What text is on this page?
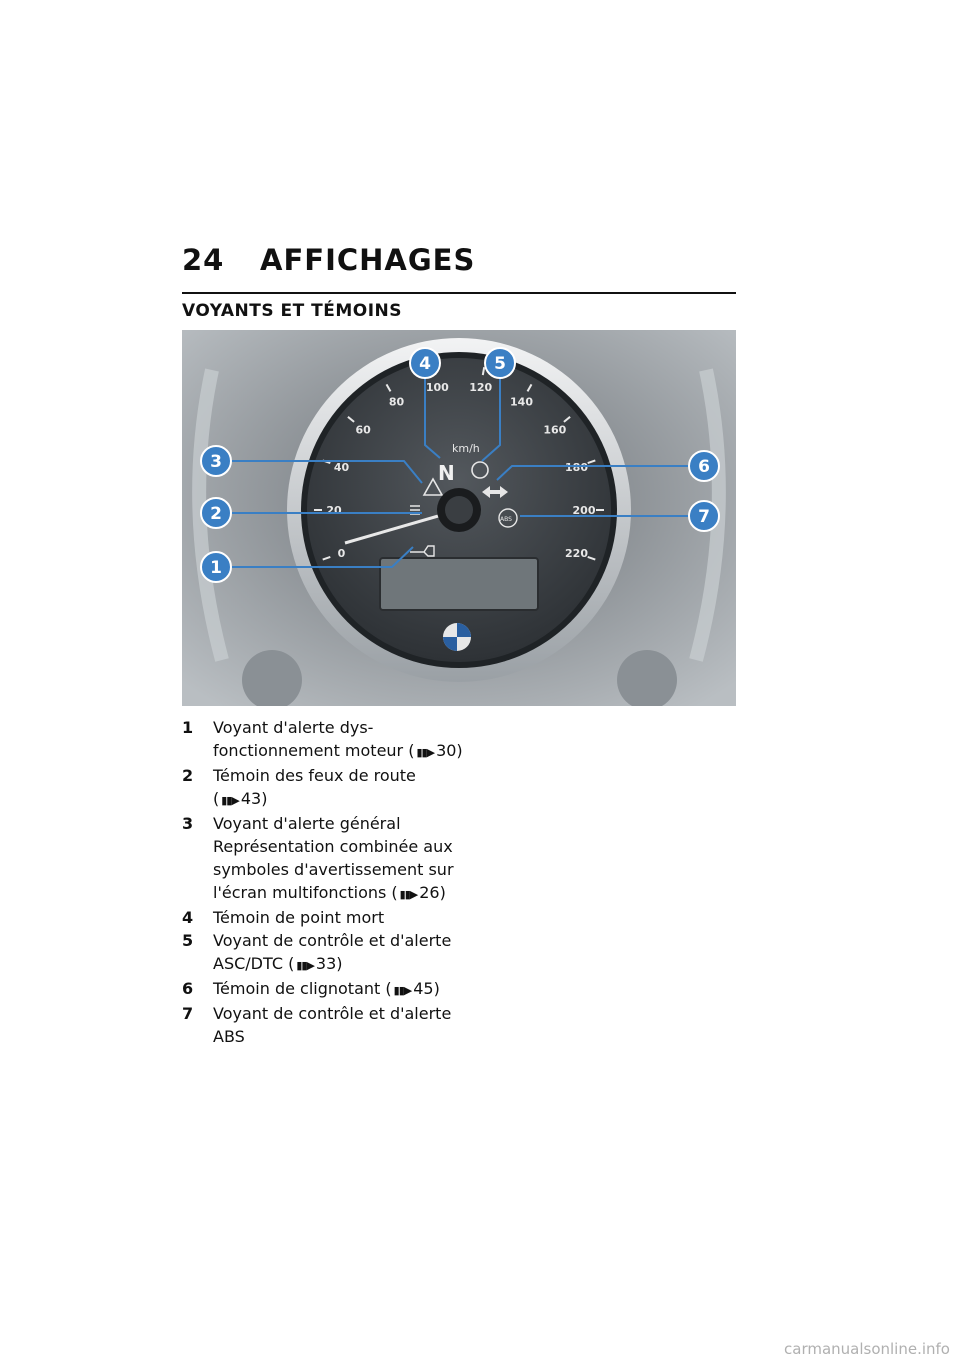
24 AFFICHAGES
VOYANTS ET TÉMOINS
0
20
40
60
80
100 120
140
160
180
200
220
km/h
N
ABS
1
2
3
4	5
6
7
1	Voyant d'alerte dysfonctionnement moteur ( ▮▮▶ 30)
2	Témoin des feux de route ( ▮▮▶ 43)
3	Voyant d'alerte général Représentation combinée aux symboles d'avertissement sur l'écran multifonctions ( ▮▮▶ 26)
4	Témoin de point mort
5	Voyant de contrôle et d'alerte ASC/DTC ( ▮▮▶ 33)
6	Témoin de clignotant ( ▮▮▶ 45)
7	Voyant de contrôle et d'alerte ABS
carmanualsonline.info
